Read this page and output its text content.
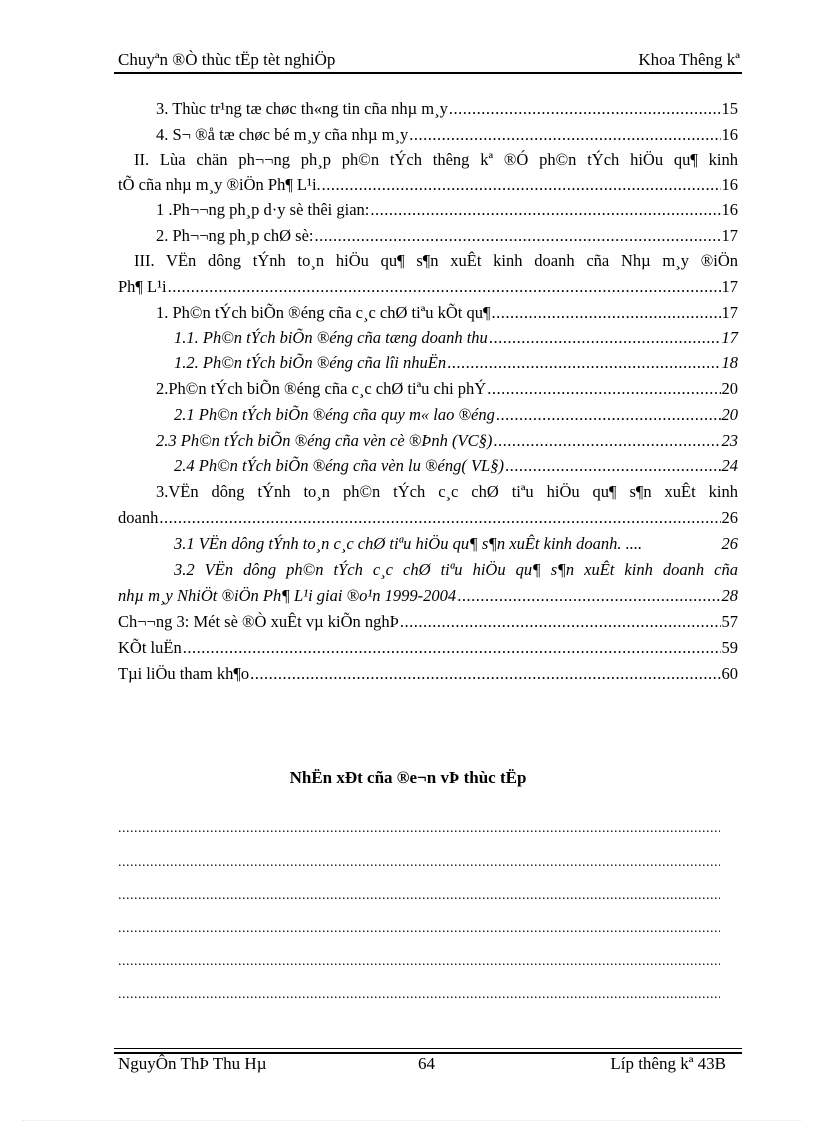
Chuyªn ®Ò thùc tËp tèt nghiÖp	Khoa Thêng kª
3. Thùc tr¹ng tæ chøc th«ng tin cña nhµ m¸y .....	15
4. S¬ ®å tæ chøc bé m¸y cña nhµ m¸y .....	16
II. Lùa chän ph¬¬ng ph¸p ph©n tÝch thêng kª ®Ó ph©n tÝch hiÖu qu¶ kinh
tÕ cña nhµ m¸y ®iÖn Ph¶ L¹i. .....	16
1 .Ph¬¬ng ph¸p d·y sè thêi gian: .....	16
2. Ph¬¬ng ph¸p chØ sè: .....	17
III. VËn dông tÝnh to¸n hiÖu qu¶ s¶n xuÊt kinh doanh cña Nhµ m¸y ®iÖn
Ph¶ L¹i .....	17
1. Ph©n tÝch biÕn ®éng cña c¸c chØ tiªu kÕt qu¶ .....	17
1.1. Ph©n tÝch biÕn ®éng cña tæng doanh thu .....	17
1.2. Ph©n tÝch biÕn ®éng cña lîi nhuËn .....	18
2.Ph©n tÝch biÕn ®éng cña c¸c chØ tiªu chi phÝ .....	20
2.1 Ph©n tÝch biÕn ®éng cña quy m« lao ®éng .....	20
2.3 Ph©n tÝch biÕn ®éng cña vèn cè ®Þnh (VC§) .....	23
2.4 Ph©n tÝch biÕn ®éng cña vèn lu ®éng( VL§) .....	24
3.VËn dông tÝnh to¸n ph©n tÝch c¸c chØ tiªu hiÖu qu¶ s¶n xuÊt kinh
doanh .....	26
3.1 VËn dông tÝnh to¸n c¸c chØ tiªu hiÖu qu¶ s¶n xuÊt kinh doanh. ....	26
3.2 VËn dông ph©n tÝch c¸c chØ tiªu hiÖu qu¶ s¶n xuÊt kinh doanh cña
nhµ m¸y NhiÖt ®iÖn Ph¶ L¹i giai ®o¹n 1999-2004 .....	28
Ch¬¬ng 3: Mét sè ®Ò xuÊt vµ kiÕn nghÞ .....	57
KÕt luËn .....	59
Tµi liÖu tham kh¶o .....	60
NhËn xÐt cña ®e¬n vÞ thùc tËp
.....
.....
.....
.....
.....
.....
NguyÔn ThÞ Thu Hµ	64	Líp thêng kª 43B
